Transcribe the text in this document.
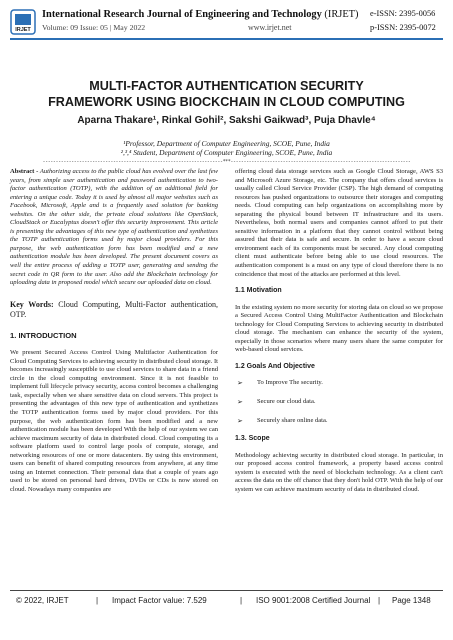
IRJET
International Research Journal of Engineering and Technology (IRJET) e-ISSN: 2395-0056
Volume: 09 Issue: 05 | May 2022	www.irjet.net	p-ISSN: 2395-0072
MULTI-FACTOR AUTHENTICATION SECURITY
FRAMEWORK USING BIOCKCHAIN IN CLOUD COMPUTING
Aparna Thakare¹, Rinkal Gohil², Sakshi Gaikwad³, Puja Dhavle⁴
¹Professor, Department of Computer Engineering, SCOE, Pune, India
²,³,⁴ Student, Department of Computer Engineering, SCOE, Pune, India
---------------------------------------------------------------------***---------------------------------------------------------------------

Abstract - Authorizing access to the public cloud has evolved over the last few years, from simple user authentication and password authentication to two-factor authentication (TOTP), with the addition of an additional field for entering a unique code. Today it is used by almost all major websites such as Facebook, Microsoft, Apple and is a frequently used solution for banking websites. On the other side, the private cloud solutions like OpenStack, CloudStack or Eucalyptus doesn't offer this security improvement. This article is presenting the advantages of this new type of authentication and synthetizes the TOTP authentication forms used by major cloud providers. For this purpose, the web authentication form has been modified and a new authentication module has been developed. The present document covers as well the entire process of adding a TOTP user, generating and sending the secret code in QR form to the user. Also add the Blockchain technology for uploading data in proposed model which secure our uploaded data on cloud.

Key Words: Cloud Computing, Multi-Factor authentication, OTP.

1. INTRODUCTION

We present Secured Access Control Using Multifactor Authentication for Cloud Computing Services to achieving security in distributed cloud storage. It becomes increasingly susceptible to use cloud services to share data in a friend circle in the cloud computing environment. Since it is not feasible to implement full lifecycle privacy security, access control becomes a challenging task, especially when we share sensitive data on cloud servers. This project is presenting the advantages of this new type of authentication and synthetizes the TOTP authentication forms used by major cloud providers. For this purpose, the web authentication form has been modified and a new authentication module has been developed With the help of our system we can achieve maximum security of data in distributed cloud. Cloud computing its a software platform used to control large pools of compute, storage, and networking resources of one or more datacenters. By using this environment, users can benefit of shared computing resources from anywhere, at any time using an Internet connection. Their personal data that a couple of years ago used to be stored on personal hard drives, DVDs or CDs is now stored on cloud. Nowadays many companies are

offering cloud data storage services such as Google Cloud Storage, AWS S3 and Microsoft Azure Storage, etc. The company that offers cloud services is usually called Cloud Service Provider (CSP). The high demand of computing resources has pushed organizations to outsource their storages and computing needs. Cloud computing can help organizations on accomplishing more by separating the physical bound between IT infrastructure and its users. Nevertheless, both normal users and companies cannot afford to put their sensitive information in a platform that they cannot control without being assured that their data is safe and secure. In order to have a secure cloud environment each of its components must be secured. Any cloud computing client must authenticate before being able to use cloud resources. The authentication component is a must on any type of cloud therefore there is no coincidence that most of the attacks are performed at this level.

1.1 Motivation

In the existing system no more security for storing data on cloud so we propose a Secured Access Control Using MultiFactor Authentication and Blockchain technology for Cloud Computing Services to achieving security in distributed cloud storage. The mechanism can enhance the security of the system, especially in those scenarios where many users share the same computer for web-based cloud services.

1.2 Goals And Objective
➢ To Improve The security.
➢ Secure our cloud data.
➢ Securely share online data.
1.3. Scope

Methodology achieving security in distributed cloud storage. In particular, in our proposed access control framework, a property based access control system is executed with the need of blockchain technology. As a client can't access the data on the off chance that they don't hold OTP. With the help of our system we can achieve maximum security of data in distributed cloud.

© 2022, IRJET	| Impact Factor value: 7.529	| ISO 9001:2008 Certified Journal | Page 1348
